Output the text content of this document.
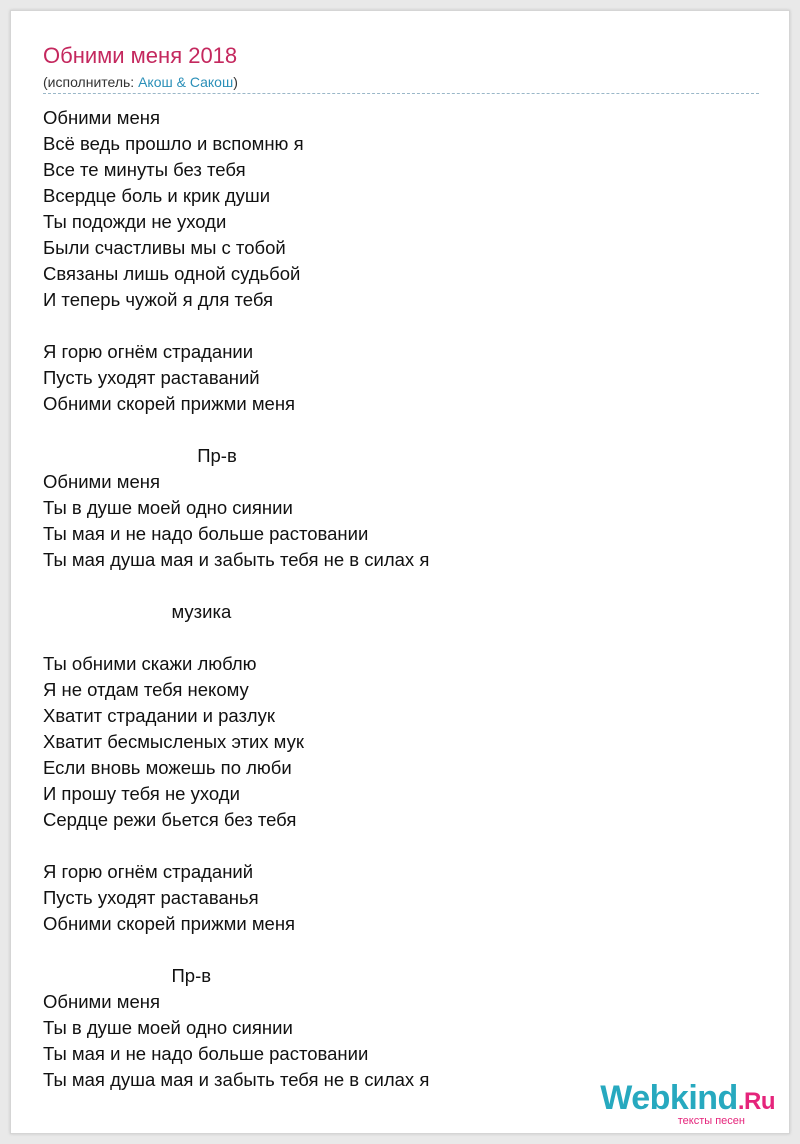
Обними меня 2018
(исполнитель: Акош & Сакош)
Обними меня
Всё ведь прошло и вспомню я
Все те минуты без тебя
Всердце боль и крик души
Ты подожди не уходи
Были счастливы мы с тобой
Связаны лишь одной судьбой
И теперь чужой я для тебя
Я горю огнём страдании
Пусть уходят раставаний
Обними скорей прижми меня
Пр-в
Обними меня
Ты в душе моей одно сиянии
Ты мая и не надо больше растовании
Ты мая душа мая и забыть тебя не в силах я
музика
Ты обними скажи люблю
Я не отдам тебя некому
Хватит страдании и разлук
Хватит бесмысленых этих мук
Если вновь можешь по люби
И прошу тебя не уходи
Сердце режи бьется без тебя
Я горю огнём страданий
Пусть уходят раставанья
Обними скорей прижми меня
Пр-в
Обними меня
Ты в душе моей одно сиянии
Ты мая и не надо больше растовании
Ты мая душа мая и забыть тебя не в силах я	Webkind.Ru
тексты песен
